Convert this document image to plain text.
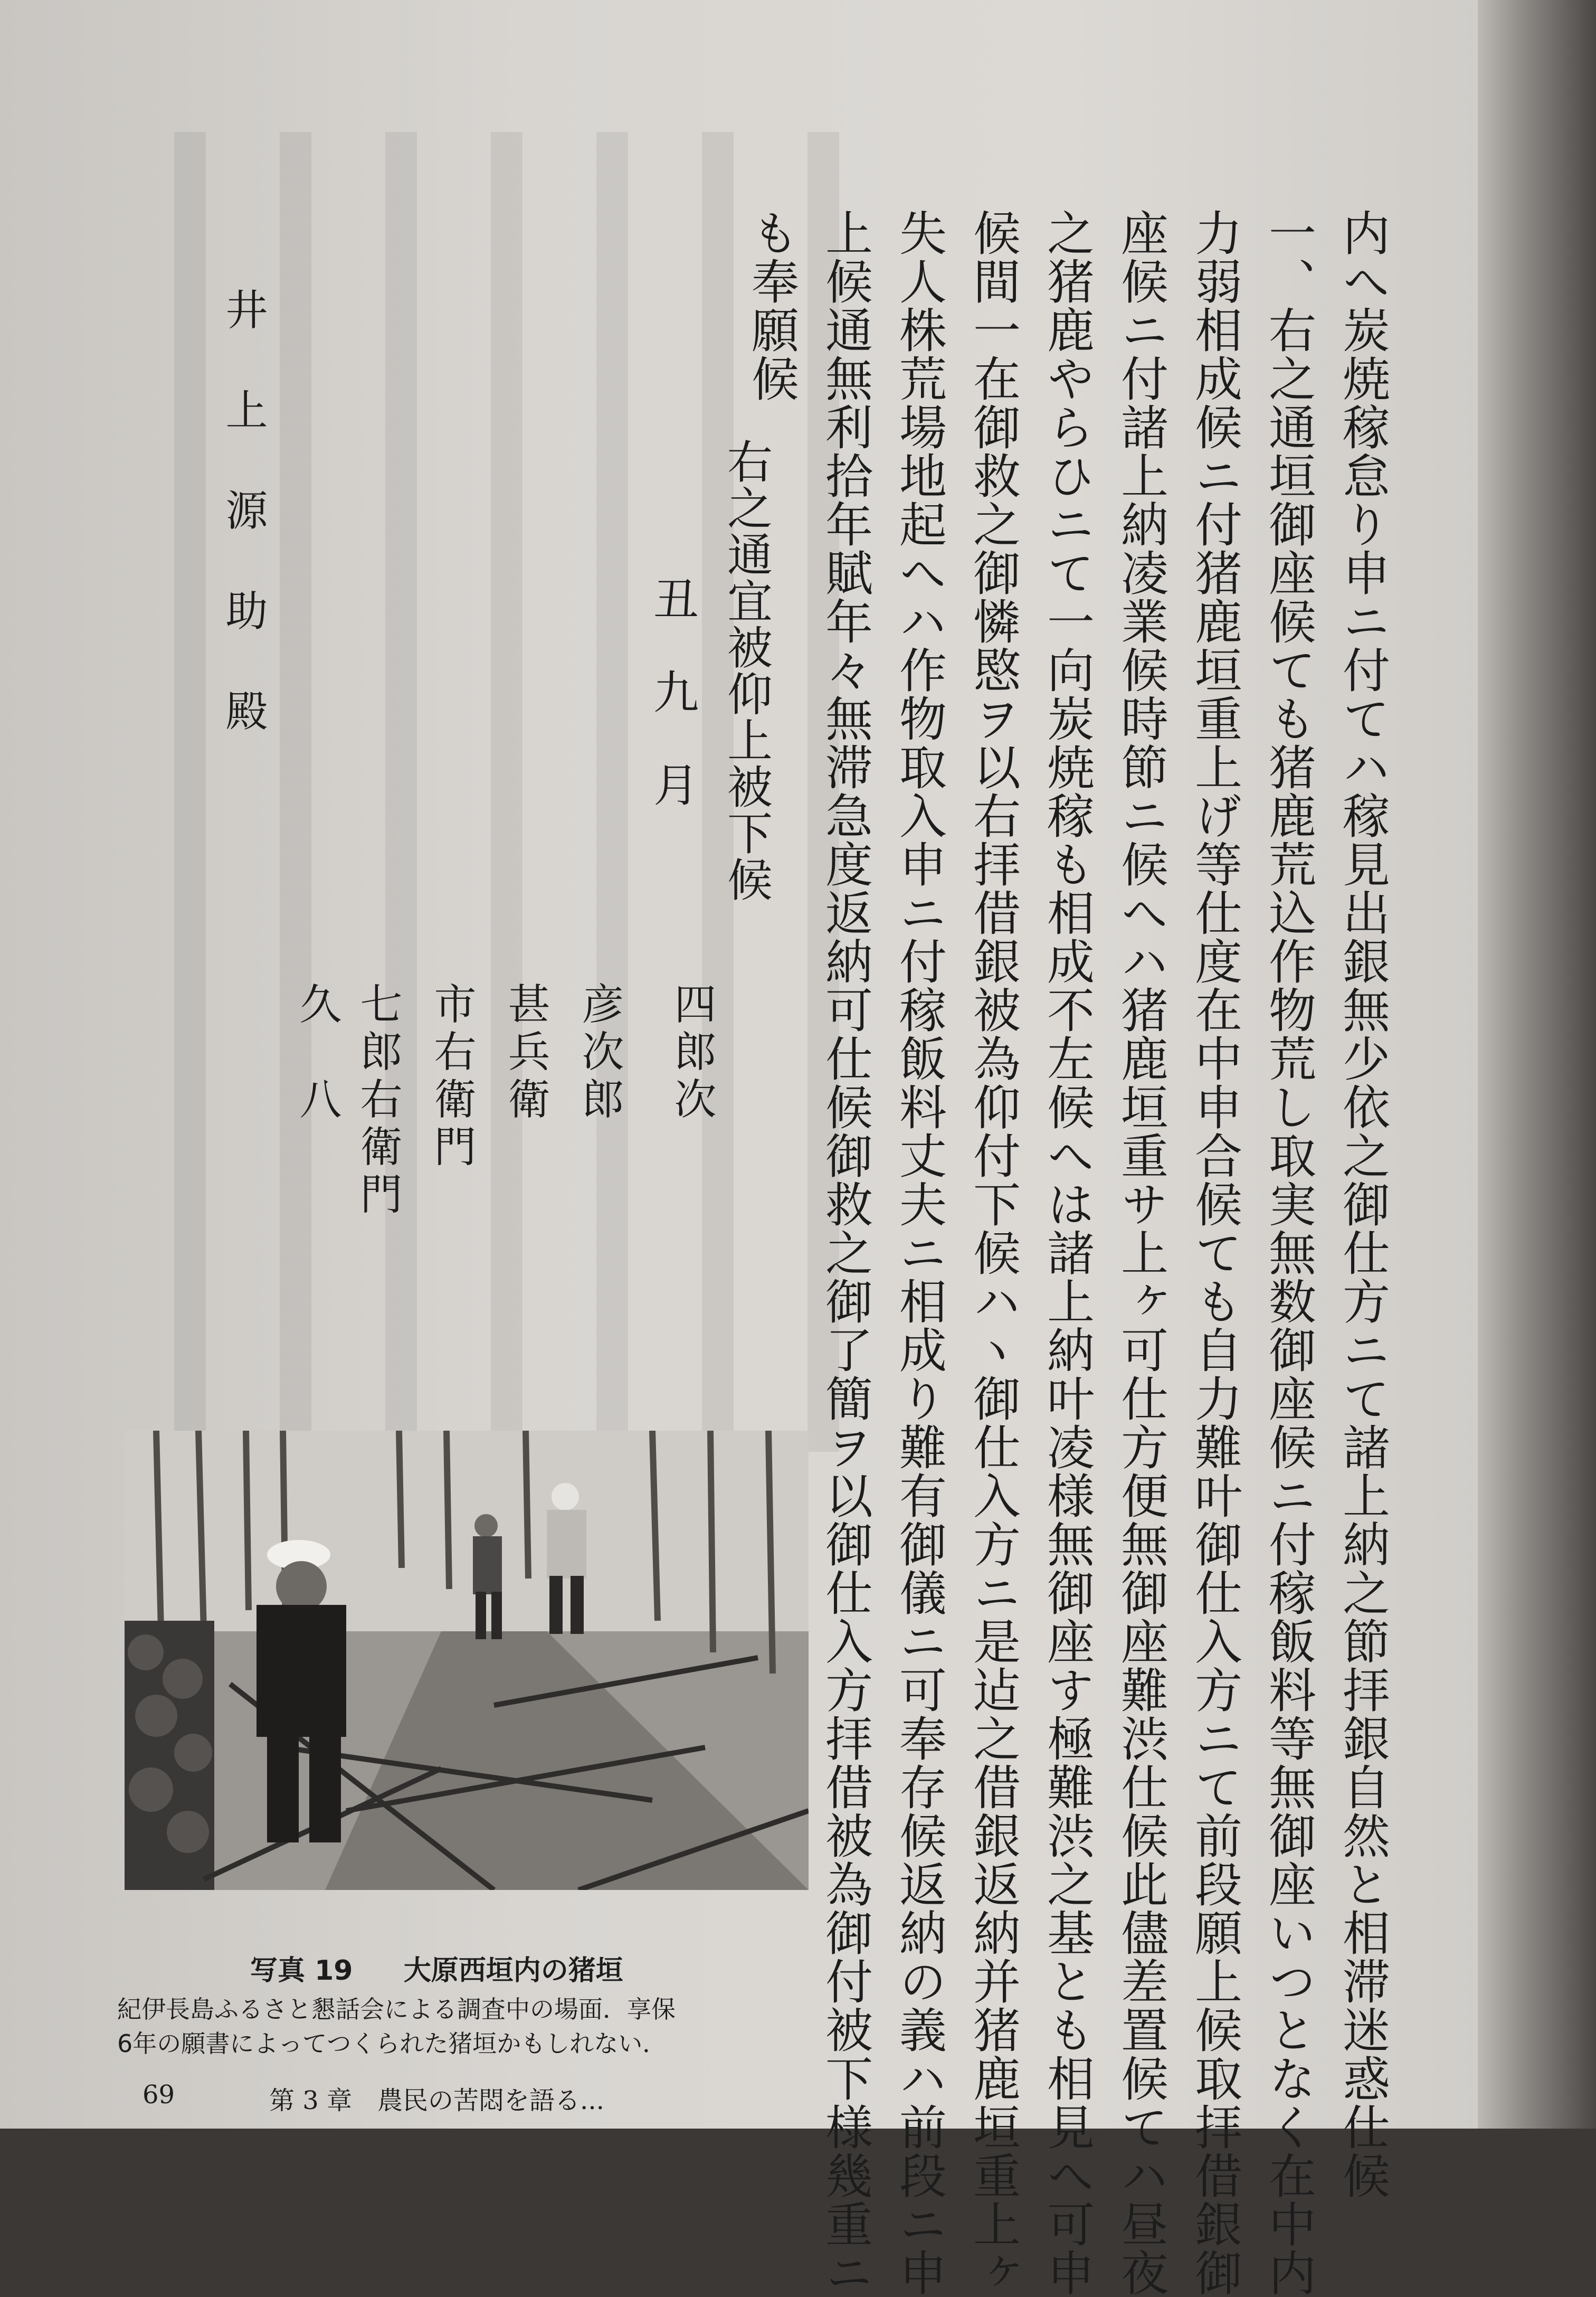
内へ炭焼稼怠り申ニ付てハ稼見出銀無少依之御仕方ニて諸上納之節拝銀自然と相滞迷惑仕候
一、右之通垣御座候ても猪鹿荒込作物荒し取実無数御座候ニ付稼飯料等無御座いつとなく在中内
力弱相成候ニ付猪鹿垣重上げ等仕度在中申合候ても自力難叶御仕入方ニて前段願上候取拝借銀御
座候ニ付諸上納凌業候時節ニ候へハ猪鹿垣重サ上ヶ可仕方便無御座難渋仕候此儘差置候てハ昼夜
之猪鹿やらひニて一向炭焼稼も相成不左候へは諸上納叶凌様無御座す極難渋之基とも相見へ可申
候間一在御救之御憐愍ヲ以右拝借銀被為仰付下候ハヽ御仕入方ニ是迠之借銀返納并猪鹿垣重上ヶ
失人株荒場地起へハ作物取入申ニ付稼飯料丈夫ニ相成り難有御儀ニ可奉存候返納の義ハ前段ニ申
上候通無利拾年賦年々無滞急度返納可仕候御救之御了簡ヲ以御仕入方拝借被為御付被下様幾重ニ
も奉願候
右之通宜被仰上被下候
丑　九　月
四郎次
彦次郎
甚兵衛
市右衛門
七郎右衛門
久　八
井上源助殿
写真 19 大原西垣内の猪垣
紀伊長島ふるさと懇話会による調査中の場面．享保
6年の願書によってつくられた猪垣かもしれない．
69	第 3 章　農民の苦悶を語る...
